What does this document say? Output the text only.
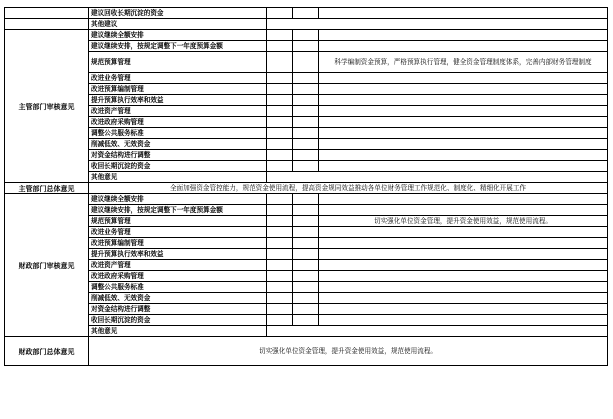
	建议回收长期沉淀的资金			
	其他建议			
主管部门审核意见	建议继续全额安排			
	建议继续安排，按规定调整下一年度预算金额			
	规范预算管理			科学编制资金预算，严格预算执行管理，健全资金管理制度体系，完善内部财务管理制度
	改进业务管理			
	改进预算编制管理			
	提升预算执行效率和效益			
	改进资产管理			
	改进政府采购管理			
	调整公共服务标准			
	削减低效、无效资金			
	对资金结构进行调整			
	收回长期沉淀的资金			
	其他意见			
主管部门总体意见	全面加强资金管控能力，规范资金使用流程，提高资金规同效益推动各单位财务管理工作规范化、制度化、精细化开展工作			
财政部门审核意见	建议继续全额安排			
	建议继续安排，按规定调整下一年度预算金额			
	规范预算管理			切实强化单位资金管理，提升资金使用效益，规范使用流程。
	改进业务管理			
	改进预算编制管理			
	提升预算执行效率和效益			
	改进资产管理			
	改进政府采购管理			
	调整公共服务标准			
	削减低效、无效资金			
	对资金结构进行调整			
	收回长期沉淀的资金			
	其他意见			
财政部门总体意见	切实强化单位资金管理，提升资金使用效益，规范使用流程。			
